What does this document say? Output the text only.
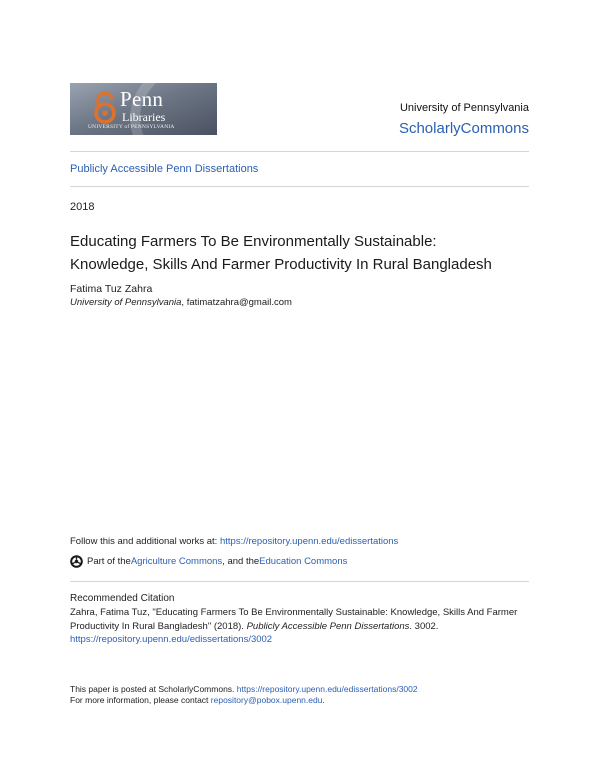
Penn
Libraries
UNIVERSITY of PENNSYLVANIA
University of Pennsylvania
ScholarlyCommons
Publicly Accessible Penn Dissertations
2018
Educating Farmers To Be Environmentally Sustainable:
Knowledge, Skills And Farmer Productivity In Rural Bangladesh
Fatima Tuz Zahra
University of Pennsylvania, fatimatzahra@gmail.com
Follow this and additional works at: https://repository.upenn.edu/edissertations
Part of the Agriculture Commons , and the Education Commons
Recommended Citation
Zahra, Fatima Tuz, "Educating Farmers To Be Environmentally Sustainable: Knowledge, Skills And Farmer
Productivity In Rural Bangladesh" (2018). Publicly Accessible Penn Dissertations. 3002.
https://repository.upenn.edu/edissertations/3002
This paper is posted at ScholarlyCommons. https://repository.upenn.edu/edissertations/3002
For more information, please contact repository@pobox.upenn.edu.
